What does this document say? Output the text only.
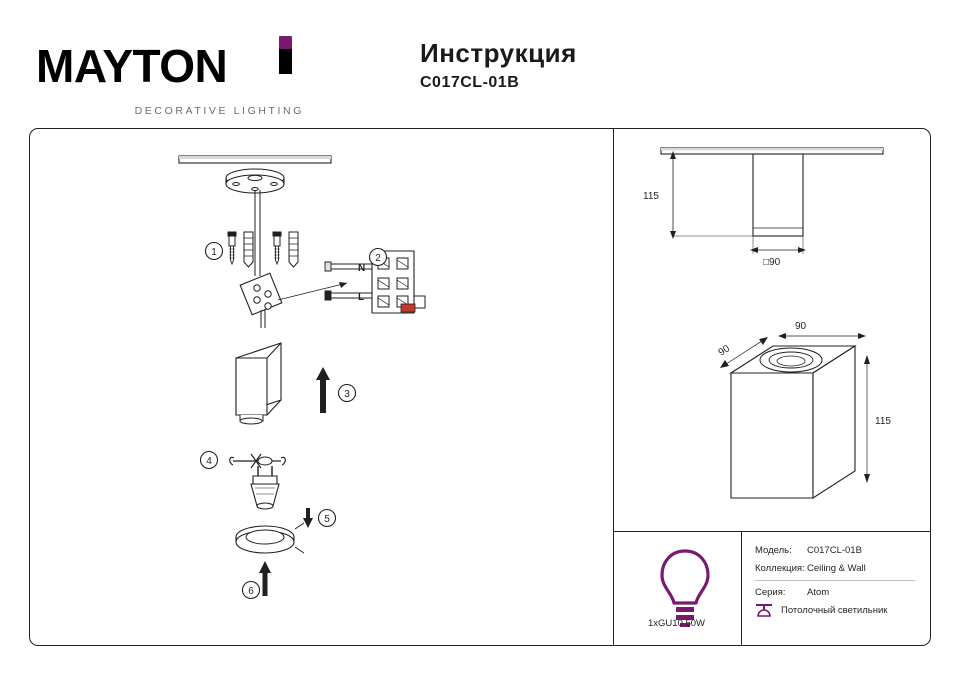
MAYTON
DECORATIVE LIGHTING
Инструкция
C017CL-01B
N
L
1
2
3
4
5
6
115
□90
90
90
115
1xGU10 50W
Модель:	C017CL-01B
Коллекция: Ceiling & Wall
Серия:	Atom
Потолочный светильник
